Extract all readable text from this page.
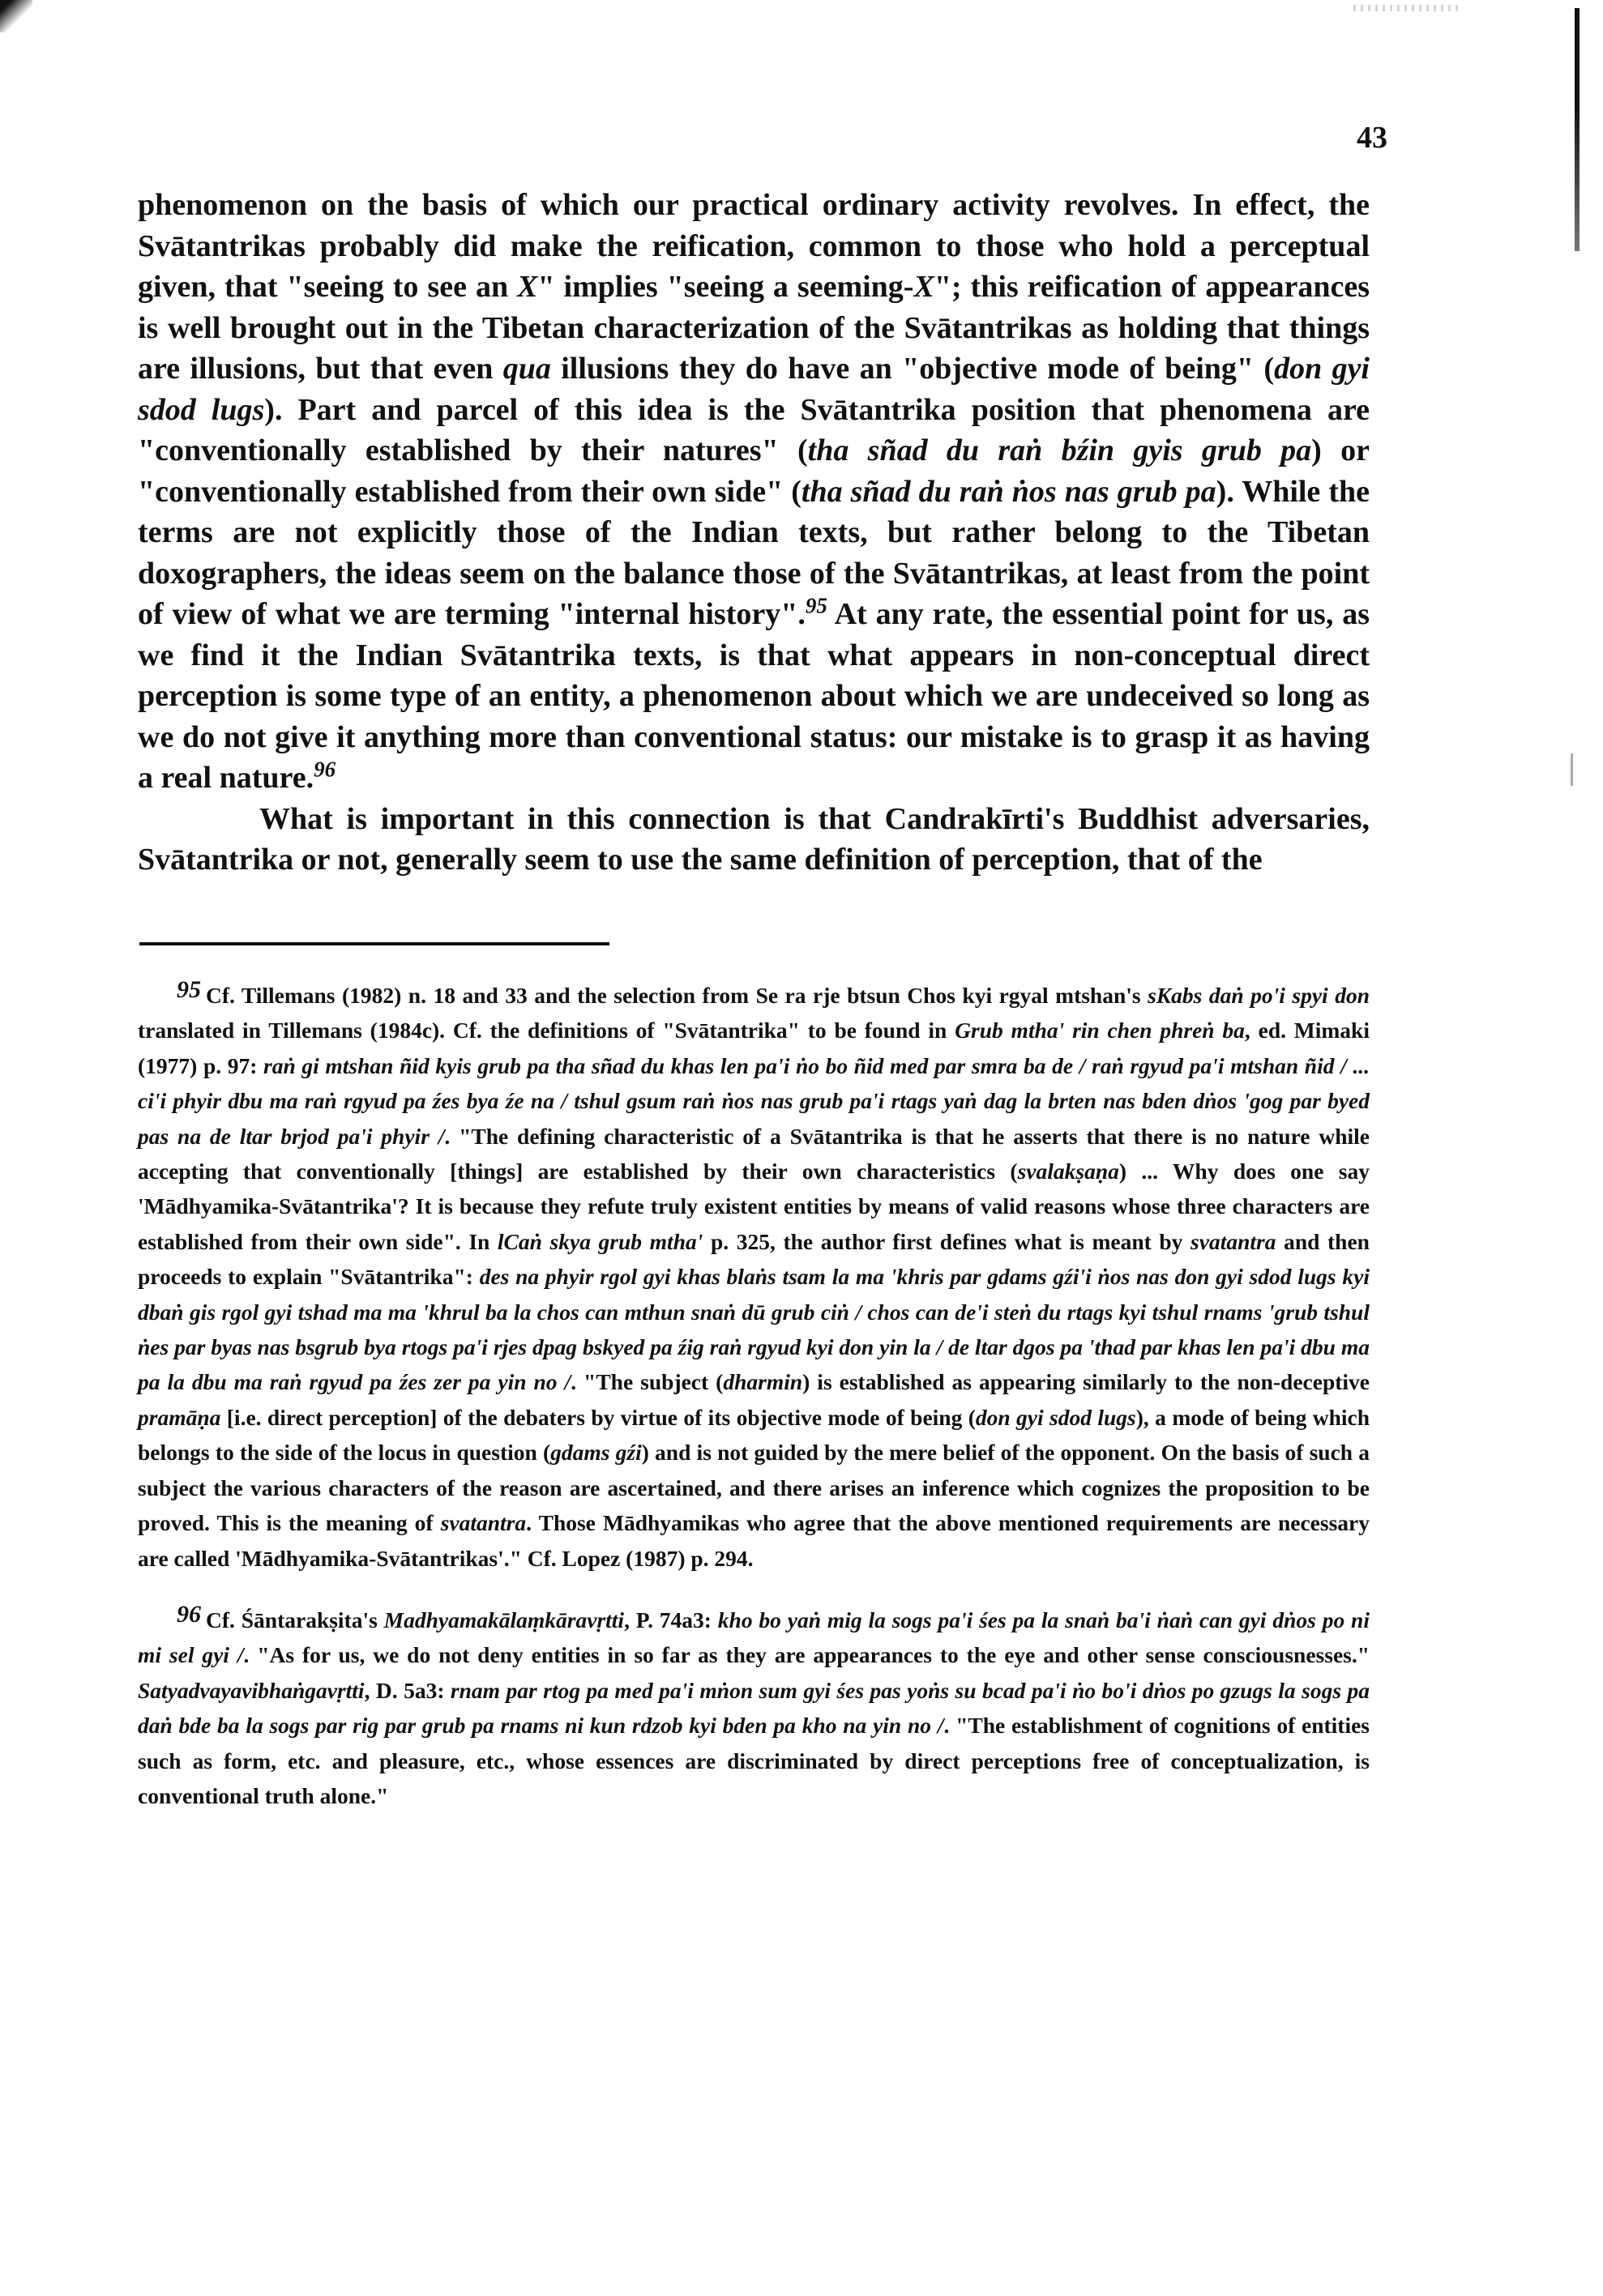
43

phenomenon on the basis of which our practical ordinary activity revolves. In effect, the Svātantrikas probably did make the reification, common to those who hold a perceptual given, that "seeing to see an X" implies "seeing a seeming-X"; this reification of appearances is well brought out in the Tibetan characterization of the Svātantrikas as holding that things are illusions, but that even qua illusions they do have an "objective mode of being" (don gyi sdod lugs). Part and parcel of this idea is the Svātantrika position that phenomena are "conventionally established by their natures" (tha sñad du raṅ bźin gyis grub pa) or "conventionally established from their own side" (tha sñad du raṅ ṅos nas grub pa). While the terms are not explicitly those of the Indian texts, but rather belong to the Tibetan doxographers, the ideas seem on the balance those of the Svātantrikas, at least from the point of view of what we are terming "internal history".$^{95}$ At any rate, the essential point for us, as we find it the Indian Svātantrika texts, is that what appears in non-conceptual direct perception is some type of an entity, a phenomenon about which we are undeceived so long as we do not give it anything more than conventional status: our mistake is to grasp it as having a real nature.$^{96}$

What is important in this connection is that Candrakīrti's Buddhist adversaries, Svātantrika or not, generally seem to use the same definition of perception, that of the

95 Cf. Tillemans (1982) n. 18 and 33 and the selection from Se ra rje btsun Chos kyi rgyal mtshan's sKabs daṅ po'i spyi don translated in Tillemans (1984c). Cf. the definitions of "Svātantrika" to be found in Grub mtha' rin chen phreṅ ba, ed. Mimaki (1977) p. 97: raṅ gi mtshan ñid kyis grub pa tha sñad du khas len pa'i ṅo bo ñid med par smra ba de / raṅ rgyud pa'i mtshan ñid / ... ci'i phyir dbu ma raṅ rgyud pa źes bya źe na / tshul gsum raṅ ṅos nas grub pa'i rtags yaṅ dag la brten nas bden dṅos 'gog par byed pas na de ltar brjod pa'i phyir /. "The defining characteristic of a Svātantrika is that he asserts that there is no nature while accepting that conventionally [things] are established by their own characteristics (svalakṣaṇa) ... Why does one say 'Mādhyamika-Svātantrika'? It is because they refute truly existent entities by means of valid reasons whose three characters are established from their own side". In lCaṅ skya grub mtha' p. 325, the author first defines what is meant by svatantra and then proceeds to explain "Svātantrika": des na phyir rgol gyi khas blaṅs tsam la ma 'khris par gdams gźi'i ṅos nas don gyi sdod lugs kyi dbaṅ gis rgol gyi tshad ma ma 'khrul ba la chos can mthun snaṅ dū grub ciṅ / chos can de'i steṅ du rtags kyi tshul rnams 'grub tshul ṅes par byas nas bsgrub bya rtogs pa'i rjes dpag bskyed pa źig raṅ rgyud kyi don yin la / de ltar dgos pa 'thad par khas len pa'i dbu ma pa la dbu ma raṅ rgyud pa źes zer pa yin no /. "The subject (dharmin) is established as appearing similarly to the non-deceptive pramāṇa [i.e. direct perception] of the debaters by virtue of its objective mode of being (don gyi sdod lugs), a mode of being which belongs to the side of the locus in question (gdams gźi) and is not guided by the mere belief of the opponent. On the basis of such a subject the various characters of the reason are ascertained, and there arises an inference which cognizes the proposition to be proved. This is the meaning of svatantra. Those Mādhyamikas who agree that the above mentioned requirements are necessary are called 'Mādhyamika-Svātantrikas'." Cf. Lopez (1987) p. 294.

96 Cf. Śāntarakṣita's Madhyamakālaṃkāravṛtti, P. 74a3: kho bo yaṅ mig la sogs pa'i śes pa la snaṅ ba'i ṅaṅ can gyi dṅos po ni mi sel gyi /. "As for us, we do not deny entities in so far as they are appearances to the eye and other sense consciousnesses." Satyadvayavibhaṅgavṛtti, D. 5a3: rnam par rtog pa med pa'i mṅon sum gyi śes pas yoṅs su bcad pa'i ṅo bo'i dṅos po gzugs la sogs pa daṅ bde ba la sogs par rig par grub pa rnams ni kun rdzob kyi bden pa kho na yin no /. "The establishment of cognitions of entities such as form, etc. and pleasure, etc., whose essences are discriminated by direct perceptions free of conceptualization, is conventional truth alone."
